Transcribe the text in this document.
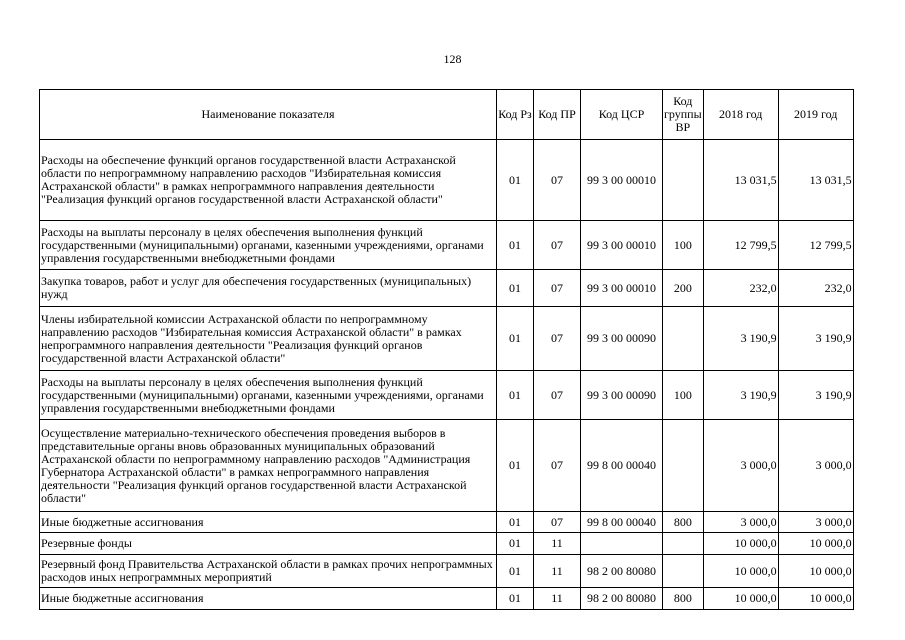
128
Наименование показателя	Код Рз	Код ПР	Код ЦСР	Код группы ВР	2018 год	2019 год
Расходы на обеспечение функций органов государственной власти Астраханской области по непрограммному направлению расходов "Избирательная комиссия Астраханской области" в рамках непрограммного направления деятельности "Реализация функций органов государственной власти Астраханской области"	01	07	99 3 00 00010		13 031,5	13 031,5
Расходы на выплаты персоналу в целях обеспечения выполнения функций государственными (муниципальными) органами, казенными учреждениями, органами управления государственными внебюджетными фондами	01	07	99 3 00 00010	100	12 799,5	12 799,5
Закупка товаров, работ и услуг для обеспечения государственных (муниципальных) нужд	01	07	99 3 00 00010	200	232,0	232,0
Члены избирательной комиссии Астраханской области по непрограммному направлению расходов "Избирательная комиссия Астраханской области" в рамках непрограммного направления деятельности "Реализация функций органов государственной власти Астраханской области"	01	07	99 3 00 00090		3 190,9	3 190,9
Расходы на выплаты персоналу в целях обеспечения выполнения функций государственными (муниципальными) органами, казенными учреждениями, органами управления государственными внебюджетными фондами	01	07	99 3 00 00090	100	3 190,9	3 190,9
Осуществление материально-технического обеспечения проведения выборов в представительные органы вновь образованных муниципальных образований Астраханской области по непрограммному направлению расходов "Администрация Губернатора Астраханской области" в рамках непрограммного направления деятельности "Реализация функций органов государственной власти Астраханской области"	01	07	99 8 00 00040		3 000,0	3 000,0
Иные бюджетные ассигнования	01	07	99 8 00 00040	800	3 000,0	3 000,0
Резервные фонды	01	11			10 000,0	10 000,0
Резервный фонд Правительства Астраханской области в рамках прочих непрограммных расходов иных непрограммных мероприятий	01	11	98 2 00 80080		10 000,0	10 000,0
Иные бюджетные ассигнования	01	11	98 2 00 80080	800	10 000,0	10 000,0
